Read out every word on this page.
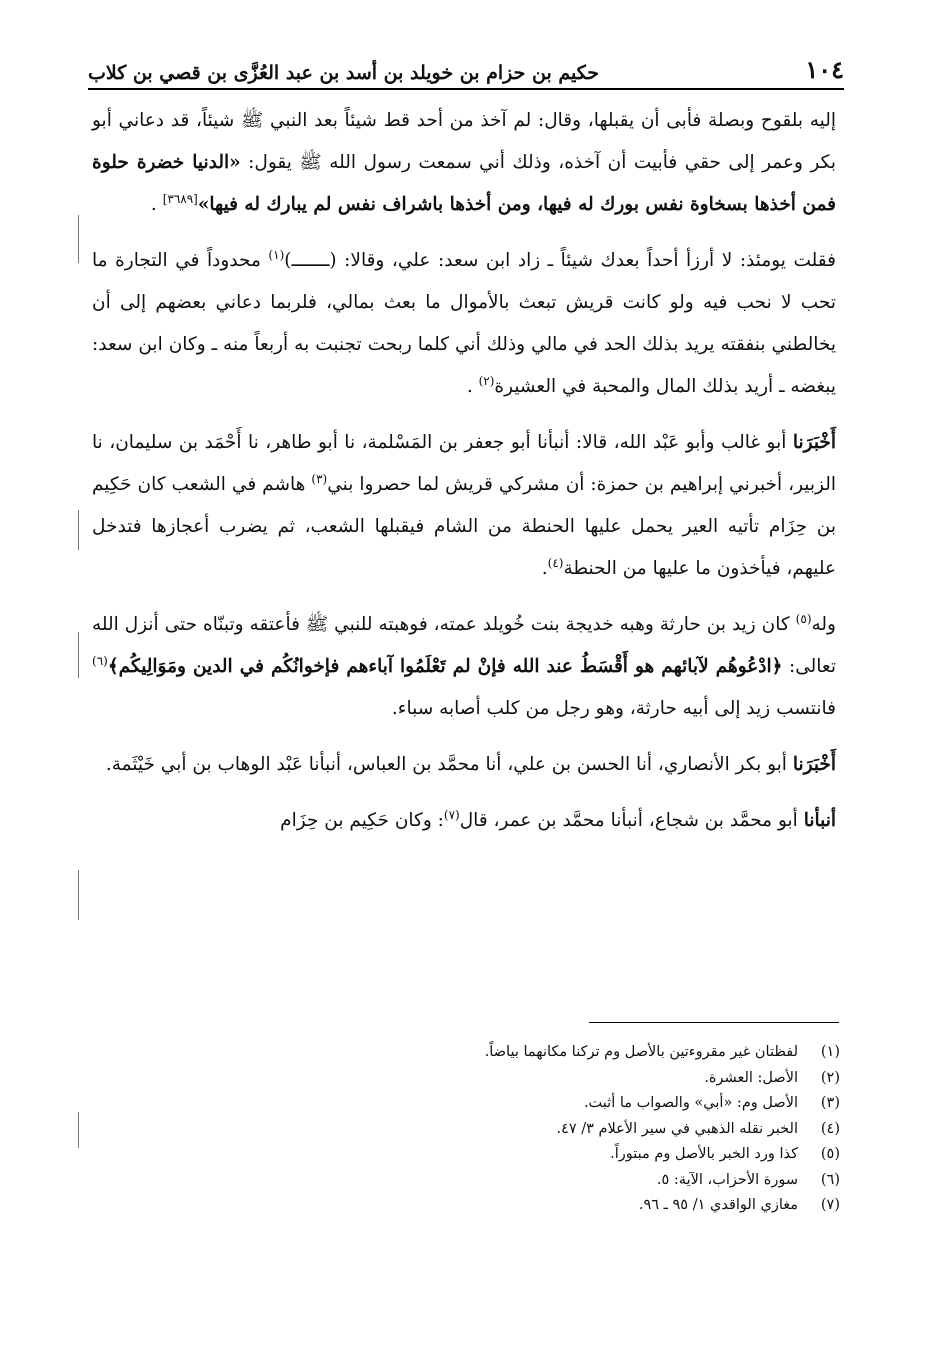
١٠٤
حكيم بن حزام بن خويلد بن أسد بن عبد العُزَّى بن قصي بن كلاب

إليه بلقوح وبصلة فأبى أن يقبلها، وقال: لم آخذ من أحد قط شيئاً بعد النبي ﷺ شيئاً، قد دعاني أبو بكر وعمر إلى حقي فأبيت أن آخذه، وذلك أني سمعت رسول الله ﷺ يقول: «الدنيا خضرة حلوة فمن أخذها بسخاوة نفس بورك له فيها، ومن أخذها باشراف نفس لم يبارك له فيها»[٣٦٨٩] .

فقلت يومئذ: لا أرزأ أحداً بعدك شيئاً ـ زاد ابن سعد: علي، وقالا: (ـــــــ)$^{(١)}$ محدوداً في التجارة ما تحب لا نحب فيه ولو كانت قريش تبعث بالأموال ما بعث بمالي، فلربما دعاني بعضهم إلى أن يخالطني بنفقته يريد بذلك الحد في مالي وذلك أني كلما ربحت تجنبت به أربعاً منه ـ وكان ابن سعد: يبغضه ـ أريد بذلك المال والمحبة في العشيرة$^{(٢)}$ .

أَخْبَرَنا أبو غالب وأبو عَبْد الله، قالا: أنبأنا أبو جعفر بن المَسْلمة، نا أبو طاهر، نا أَحْمَد بن سليمان، نا الزبير، أخبرني إبراهيم بن حمزة: أن مشركي قريش لما حصروا بني$^{(٣)}$ هاشم في الشعب كان حَكِيم بن حِزَام تأتيه العير يحمل عليها الحنطة من الشام فيقبلها الشعب، ثم يضرب أعجازها فتدخل عليهم، فيأخذون ما عليها من الحنطة$^{(٤)}$.

وله$^{(٥)}$ كان زيد بن حارثة وهبه خديجة بنت خُويلد عمته، فوهبته للنبي ﷺ فأعتقه وتبنّاه حتى أنزل الله تعالى: ﴿ادْعُوهُم لآبائهم هو أَقْسَطُ عند الله فإنْ لم تَعْلَمُوا آباءهم فإخوانُكُم في الدين ومَوَالِيكُم﴾$^{(٦)}$ فانتسب زيد إلى أبيه حارثة، وهو رجل من كلب أصابه سباء.

أَخْبَرَنا أبو بكر الأنصاري، أنا الحسن بن علي، أنا محمَّد بن العباس، أنبأنا عَبْد الوهاب بن أبي خَيْثَمة.

أنبأنا أبو محمَّد بن شجاع، أنبأنا محمَّد بن عمر، قال$^{(٧)}$: وكان حَكِيم بن حِزَام

(١)
لفظتان غير مقروءتين بالأصل وم تركنا مكانهما بياضاً.
(٢)
الأصل: العشرة.
(٣)
الأصل وم: «أبي» والصواب ما أثبت.
(٤)
الخبر نقله الذهبي في سير الأعلام ٣/ ٤٧.
(٥)
كذا ورد الخبر بالأصل وم مبتوراً.
(٦)
سورة الأحزاب، الآية: ٥.
(٧)
مغازي الواقدي ١/ ٩٥ ـ ٩٦.
